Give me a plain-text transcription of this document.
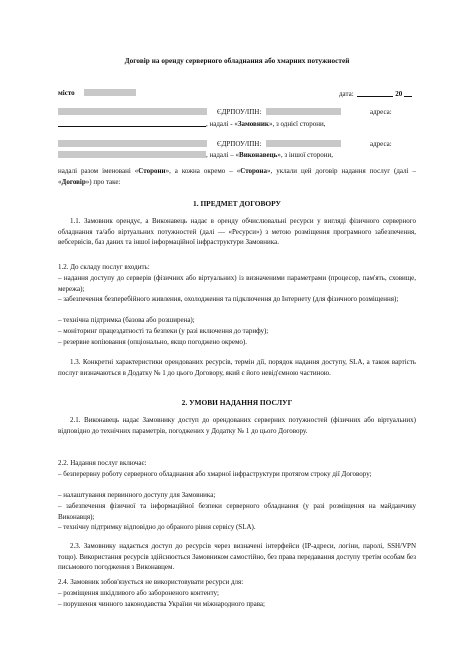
Договір на оренду серверного обладнання або хмарних потужностей
місто	дата:	20
ЄДРПОУ/ІПН:	адреса:
, надалі - «Замовник», з однієї сторони,
ЄДРПОУ/ІПН:	адреса:
, надалі – «Виконавець», з іншої сторони,
надалі разом іменовані «Сторони», а кожна окремо – «Сторона», уклали цей договір надання послуг (далі – «Договір») про таке:
1. ПРЕДМЕТ ДОГОВОРУ
1.1. Замовник орендує, а Виконавець надає в оренду обчислювальні ресурси у вигляді фізичного серверного обладнання та/або віртуальних потужностей (далі — «Ресурси») з метою розміщення програмного забезпечення, вебсервісів, баз даних та іншої інформаційної інфраструктури Замовника.
1.2. До складу послуг входить:
– надання доступу до серверів (фізичних або віртуальних) із визначеними параметрами (процесор, пам'ять, сховище, мережа);
– забезпечення безперебійного живлення, охолодження та підключення до Інтернету (для фізичного розміщення);
– технічна підтримка (базова або розширена);
– моніторинг працездатності та безпеки (у разі включення до тарифу);
– резервне копіювання (опціонально, якщо погоджено окремо).
1.3. Конкретні характеристики орендованих ресурсів, термін дії, порядок надання доступу, SLA, а також вартість послуг визначаються в Додатку № 1 до цього Договору, який є його невід'ємною частиною.
2. УМОВИ НАДАННЯ ПОСЛУГ
2.1. Виконавець надає Замовнику доступ до орендованих серверних потужностей (фізичних або віртуальних) відповідно до технічних параметрів, погоджених у Додатку № 1 до цього Договору.
2.2. Надання послуг включає:
– безперервну роботу серверного обладнання або хмарної інфраструктури протягом строку дії Договору;
– налаштування первинного доступу для Замовника;
– забезпечення фізичної та інформаційної безпеки серверного обладнання (у разі розміщення на майданчику Виконавця);
– технічну підтримку відповідно до обраного рівня сервісу (SLA).
2.3. Замовнику надається доступ до ресурсів через визначені інтерфейси (IP-адреси, логіни, паролі, SSH/VPN тощо). Використання ресурсів здійснюється Замовником самостійно, без права передавання доступу третім особам без письмового погодження з Виконавцем.
2.4. Замовник зобов'язується не використовувати ресурси для:
– розміщення шкідливого або забороненого контенту;
– порушення чинного законодавства України чи міжнародного права;
